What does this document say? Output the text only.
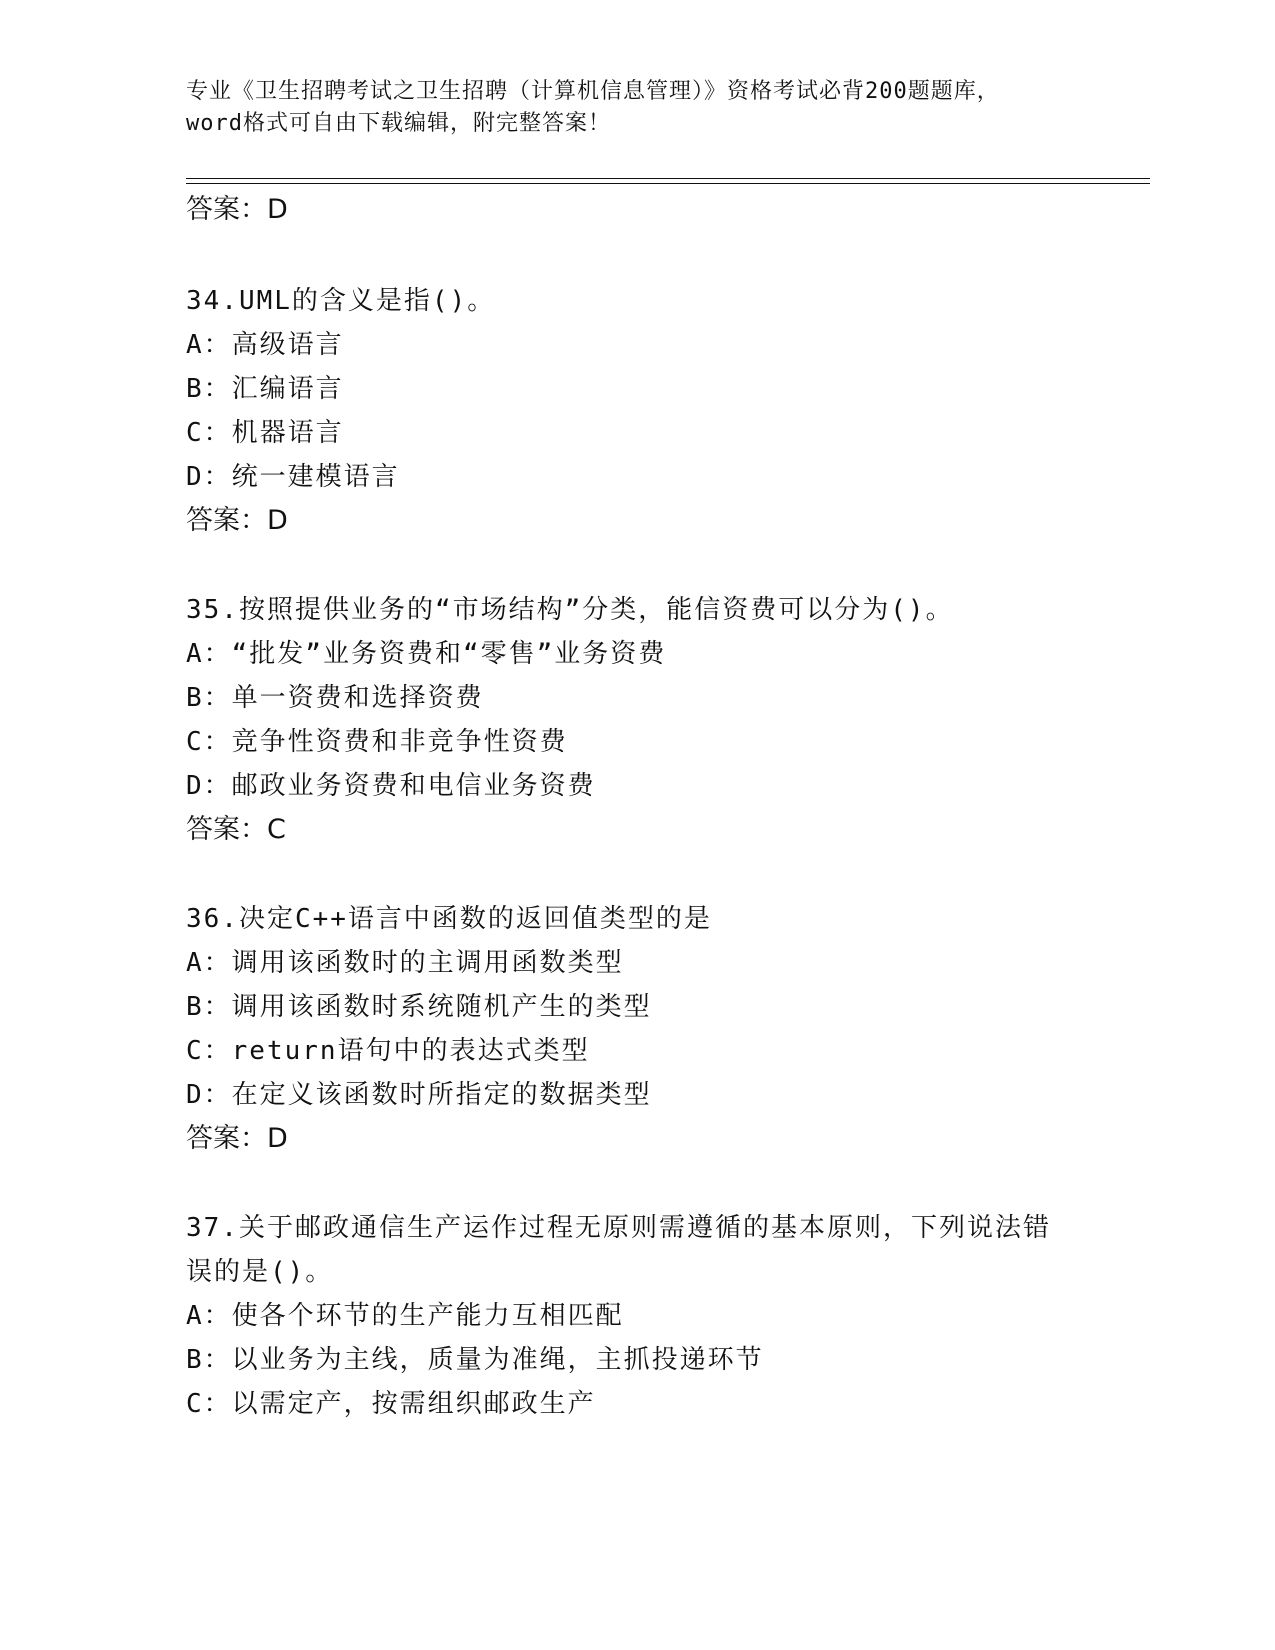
专业《卫生招聘考试之卫生招聘（计算机信息管理）》资格考试必背200题题库，
word格式可自由下载编辑，附完整答案！
答案：D
34.UML的含义是指()。
A：高级语言
B：汇编语言
C：机器语言
D：统一建模语言
答案：D
35.按照提供业务的“市场结构”分类，能信资费可以分为()。
A：“批发”业务资费和“零售”业务资费
B：单一资费和选择资费
C：竞争性资费和非竞争性资费
D：邮政业务资费和电信业务资费
答案：C
36.决定C++语言中函数的返回值类型的是
A：调用该函数时的主调用函数类型
B：调用该函数时系统随机产生的类型
C：return语句中的表达式类型
D：在定义该函数时所指定的数据类型
答案：D
37.关于邮政通信生产运作过程无原则需遵循的基本原则，下列说法错
误的是()。
A：使各个环节的生产能力互相匹配
B：以业务为主线，质量为准绳，主抓投递环节
C：以需定产，按需组织邮政生产
